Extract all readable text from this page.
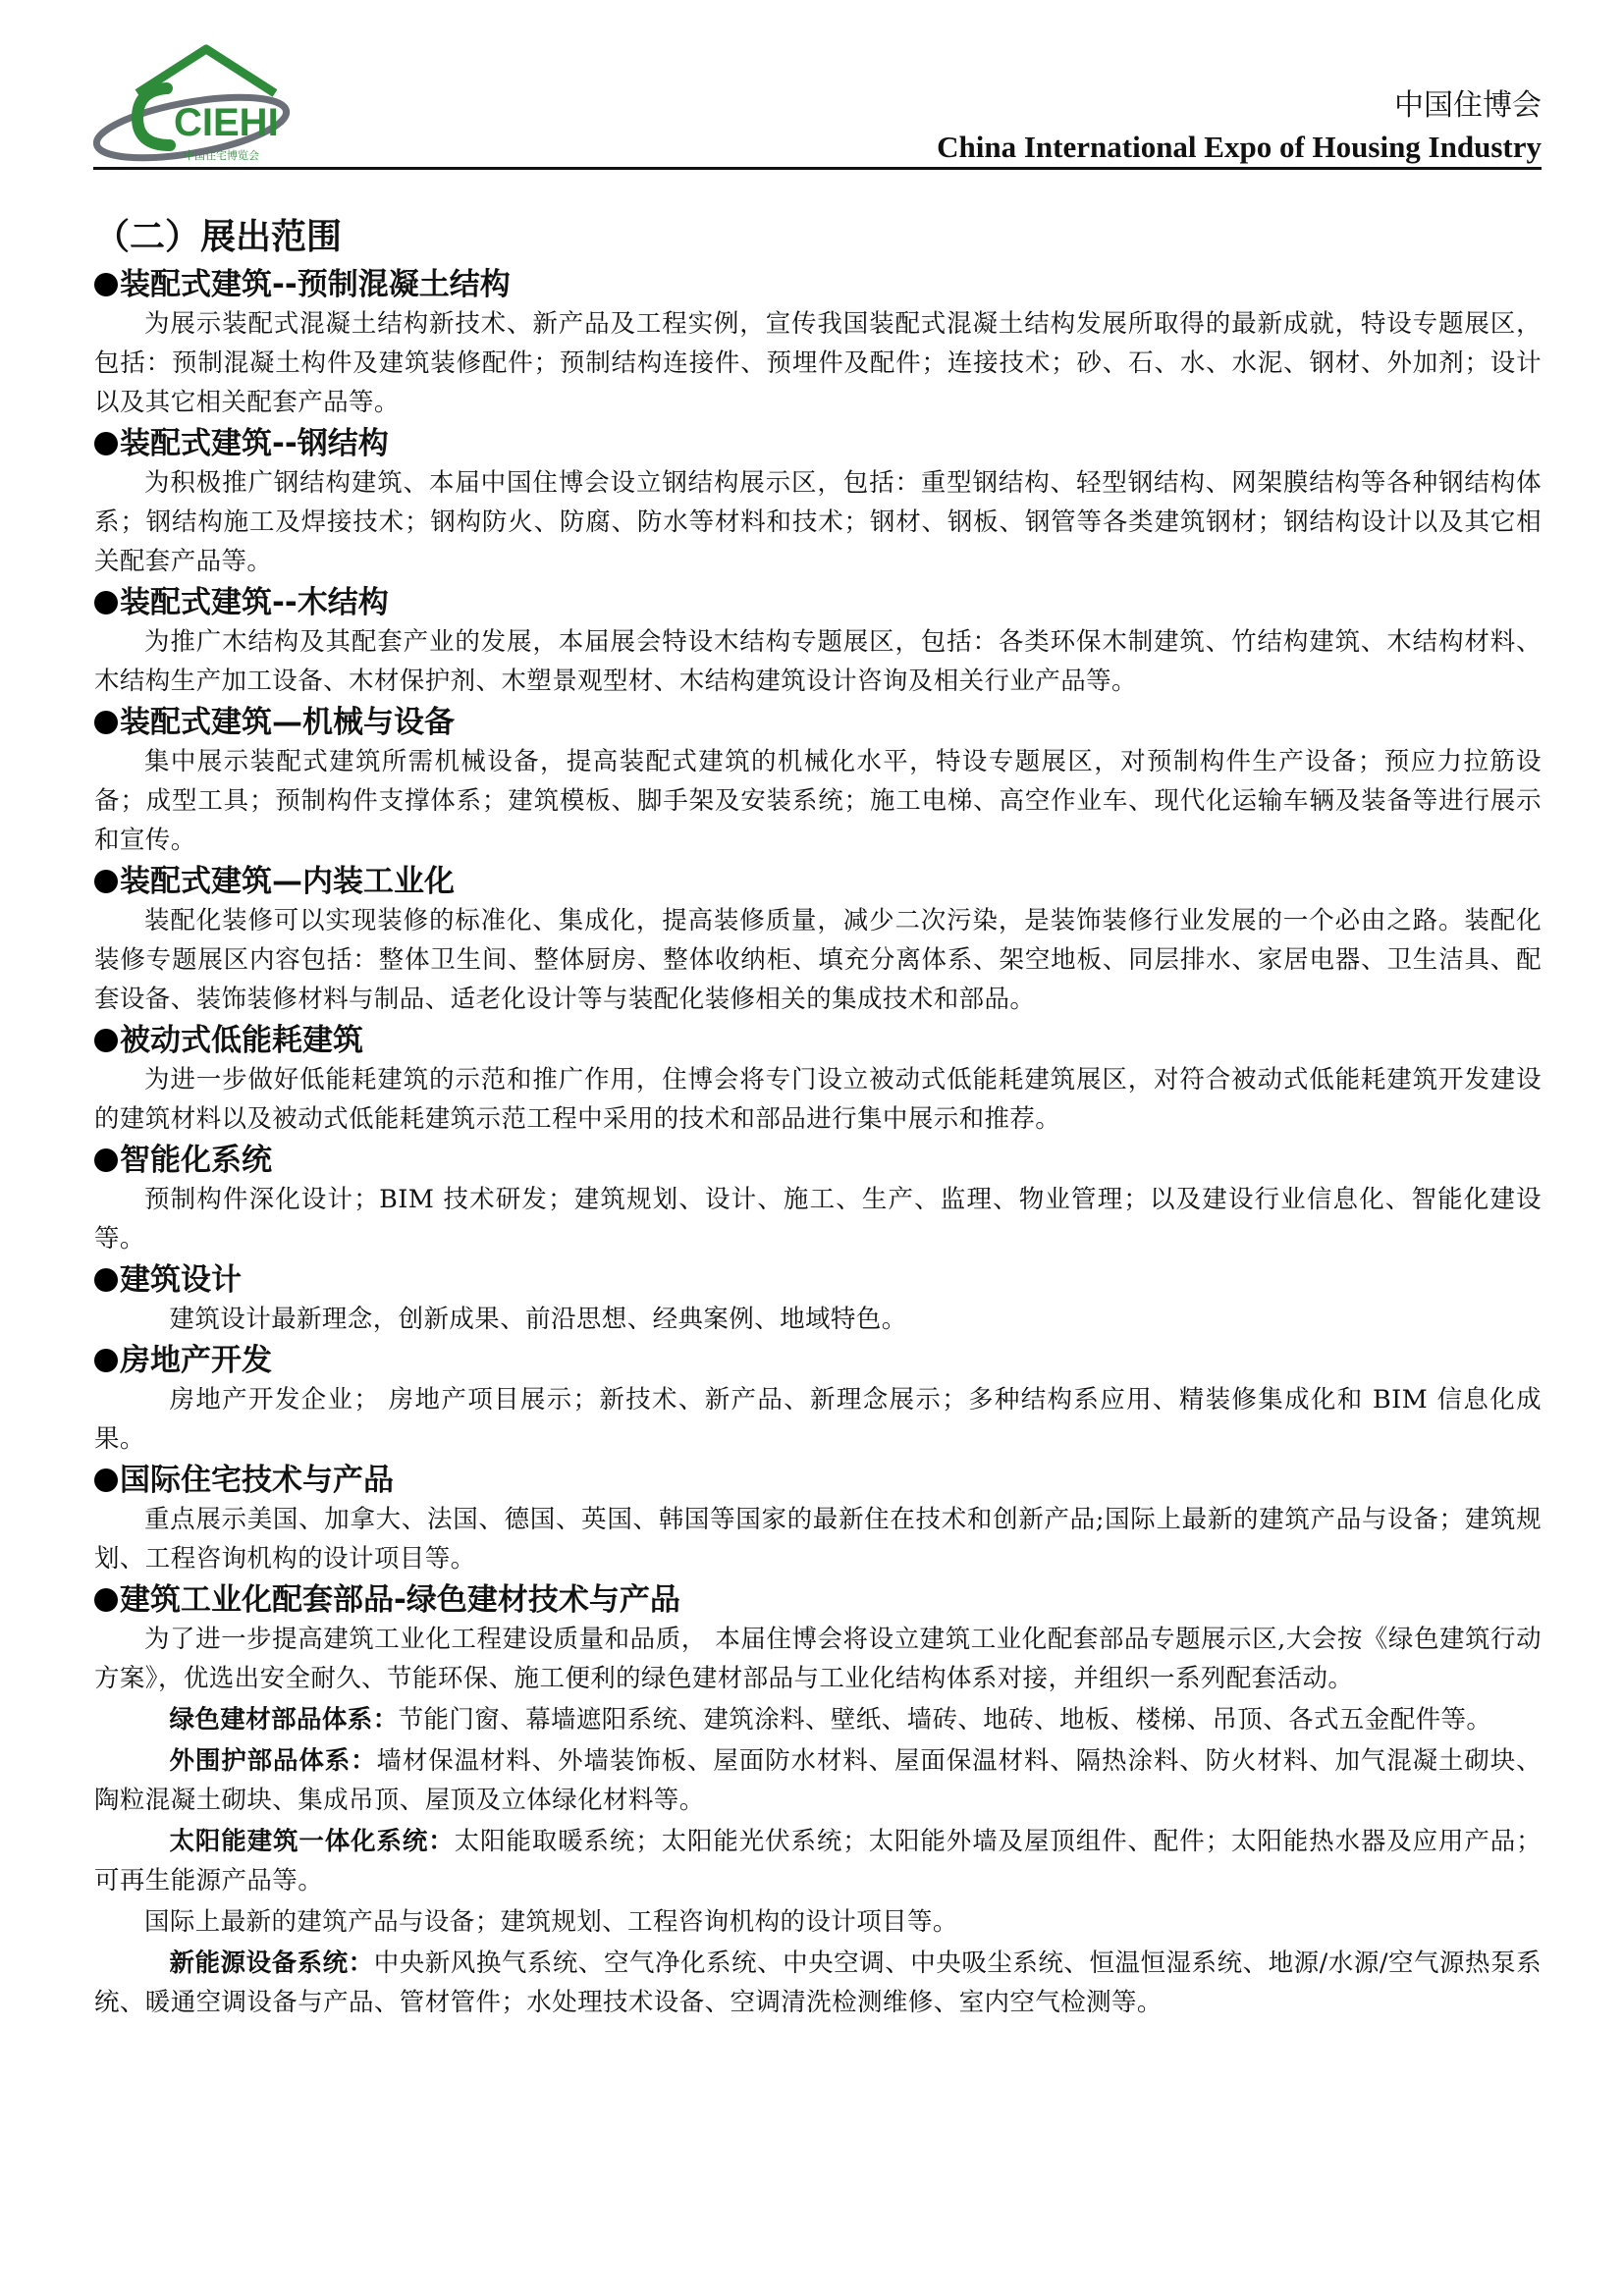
CIEHI
中国住宅博览会
中国住博会
China International Expo of Housing Industry
（二）展出范围
装配式建筑--预制混凝土结构

为展示装配式混凝土结构新技术、新产品及工程实例，宣传我国装配式混凝土结构发展所取得的最新成就，特设专题展区，包括：预制混凝土构件及建筑装修配件；预制结构连接件、预埋件及配件；连接技术；砂、石、水、水泥、钢材、外加剂；设计以及其它相关配套产品等。

装配式建筑--钢结构

为积极推广钢结构建筑、本届中国住博会设立钢结构展示区，包括：重型钢结构、轻型钢结构、网架膜结构等各种钢结构体系；钢结构施工及焊接技术；钢构防火、防腐、防水等材料和技术；钢材、钢板、钢管等各类建筑钢材；钢结构设计以及其它相关配套产品等。

装配式建筑--木结构

为推广木结构及其配套产业的发展，本届展会特设木结构专题展区，包括：各类环保木制建筑、竹结构建筑、木结构材料、木结构生产加工设备、木材保护剂、木塑景观型材、木结构建筑设计咨询及相关行业产品等。

装配式建筑—机械与设备

集中展示装配式建筑所需机械设备，提高装配式建筑的机械化水平，特设专题展区，对预制构件生产设备；预应力拉筋设备；成型工具；预制构件支撑体系；建筑模板、脚手架及安装系统；施工电梯、高空作业车、现代化运输车辆及装备等进行展示和宣传。

装配式建筑—内装工业化

装配化装修可以实现装修的标准化、集成化，提高装修质量，减少二次污染，是装饰装修行业发展的一个必由之路。装配化装修专题展区内容包括：整体卫生间、整体厨房、整体收纳柜、填充分离体系、架空地板、同层排水、家居电器、卫生洁具、配套设备、装饰装修材料与制品、适老化设计等与装配化装修相关的集成技术和部品。

被动式低能耗建筑

为进一步做好低能耗建筑的示范和推广作用，住博会将专门设立被动式低能耗建筑展区，对符合被动式低能耗建筑开发建设的建筑材料以及被动式低能耗建筑示范工程中采用的技术和部品进行集中展示和推荐。

智能化系统

预制构件深化设计；BIM 技术研发；建筑规划、设计、施工、生产、监理、物业管理；以及建设行业信息化、智能化建设等。

建筑设计

建筑设计最新理念，创新成果、前沿思想、经典案例、地域特色。

房地产开发

房地产开发企业； 房地产项目展示；新技术、新产品、新理念展示；多种结构系应用、精装修集成化和 BIM 信息化成果。

国际住宅技术与产品

重点展示美国、加拿大、法国、德国、英国、韩国等国家的最新住在技术和创新产品;国际上最新的建筑产品与设备；建筑规划、工程咨询机构的设计项目等。

建筑工业化配套部品-绿色建材技术与产品

为了进一步提高建筑工业化工程建设质量和品质， 本届住博会将设立建筑工业化配套部品专题展示区,大会按《绿色建筑行动方案》，优选出安全耐久、节能环保、施工便利的绿色建材部品与工业化结构体系对接，并组织一系列配套活动。

绿色建材部品体系：节能门窗、幕墙遮阳系统、建筑涂料、壁纸、墙砖、地砖、地板、楼梯、吊顶、各式五金配件等。

外围护部品体系：墙材保温材料、外墙装饰板、屋面防水材料、屋面保温材料、隔热涂料、防火材料、加气混凝土砌块、陶粒混凝土砌块、集成吊顶、屋顶及立体绿化材料等。

太阳能建筑一体化系统：太阳能取暖系统；太阳能光伏系统；太阳能外墙及屋顶组件、配件；太阳能热水器及应用产品；可再生能源产品等。

国际上最新的建筑产品与设备；建筑规划、工程咨询机构的设计项目等。

新能源设备系统：中央新风换气系统、空气净化系统、中央空调、中央吸尘系统、恒温恒湿系统、地源/水源/空气源热泵系统、暖通空调设备与产品、管材管件；水处理技术设备、空调清洗检测维修、室内空气检测等。
